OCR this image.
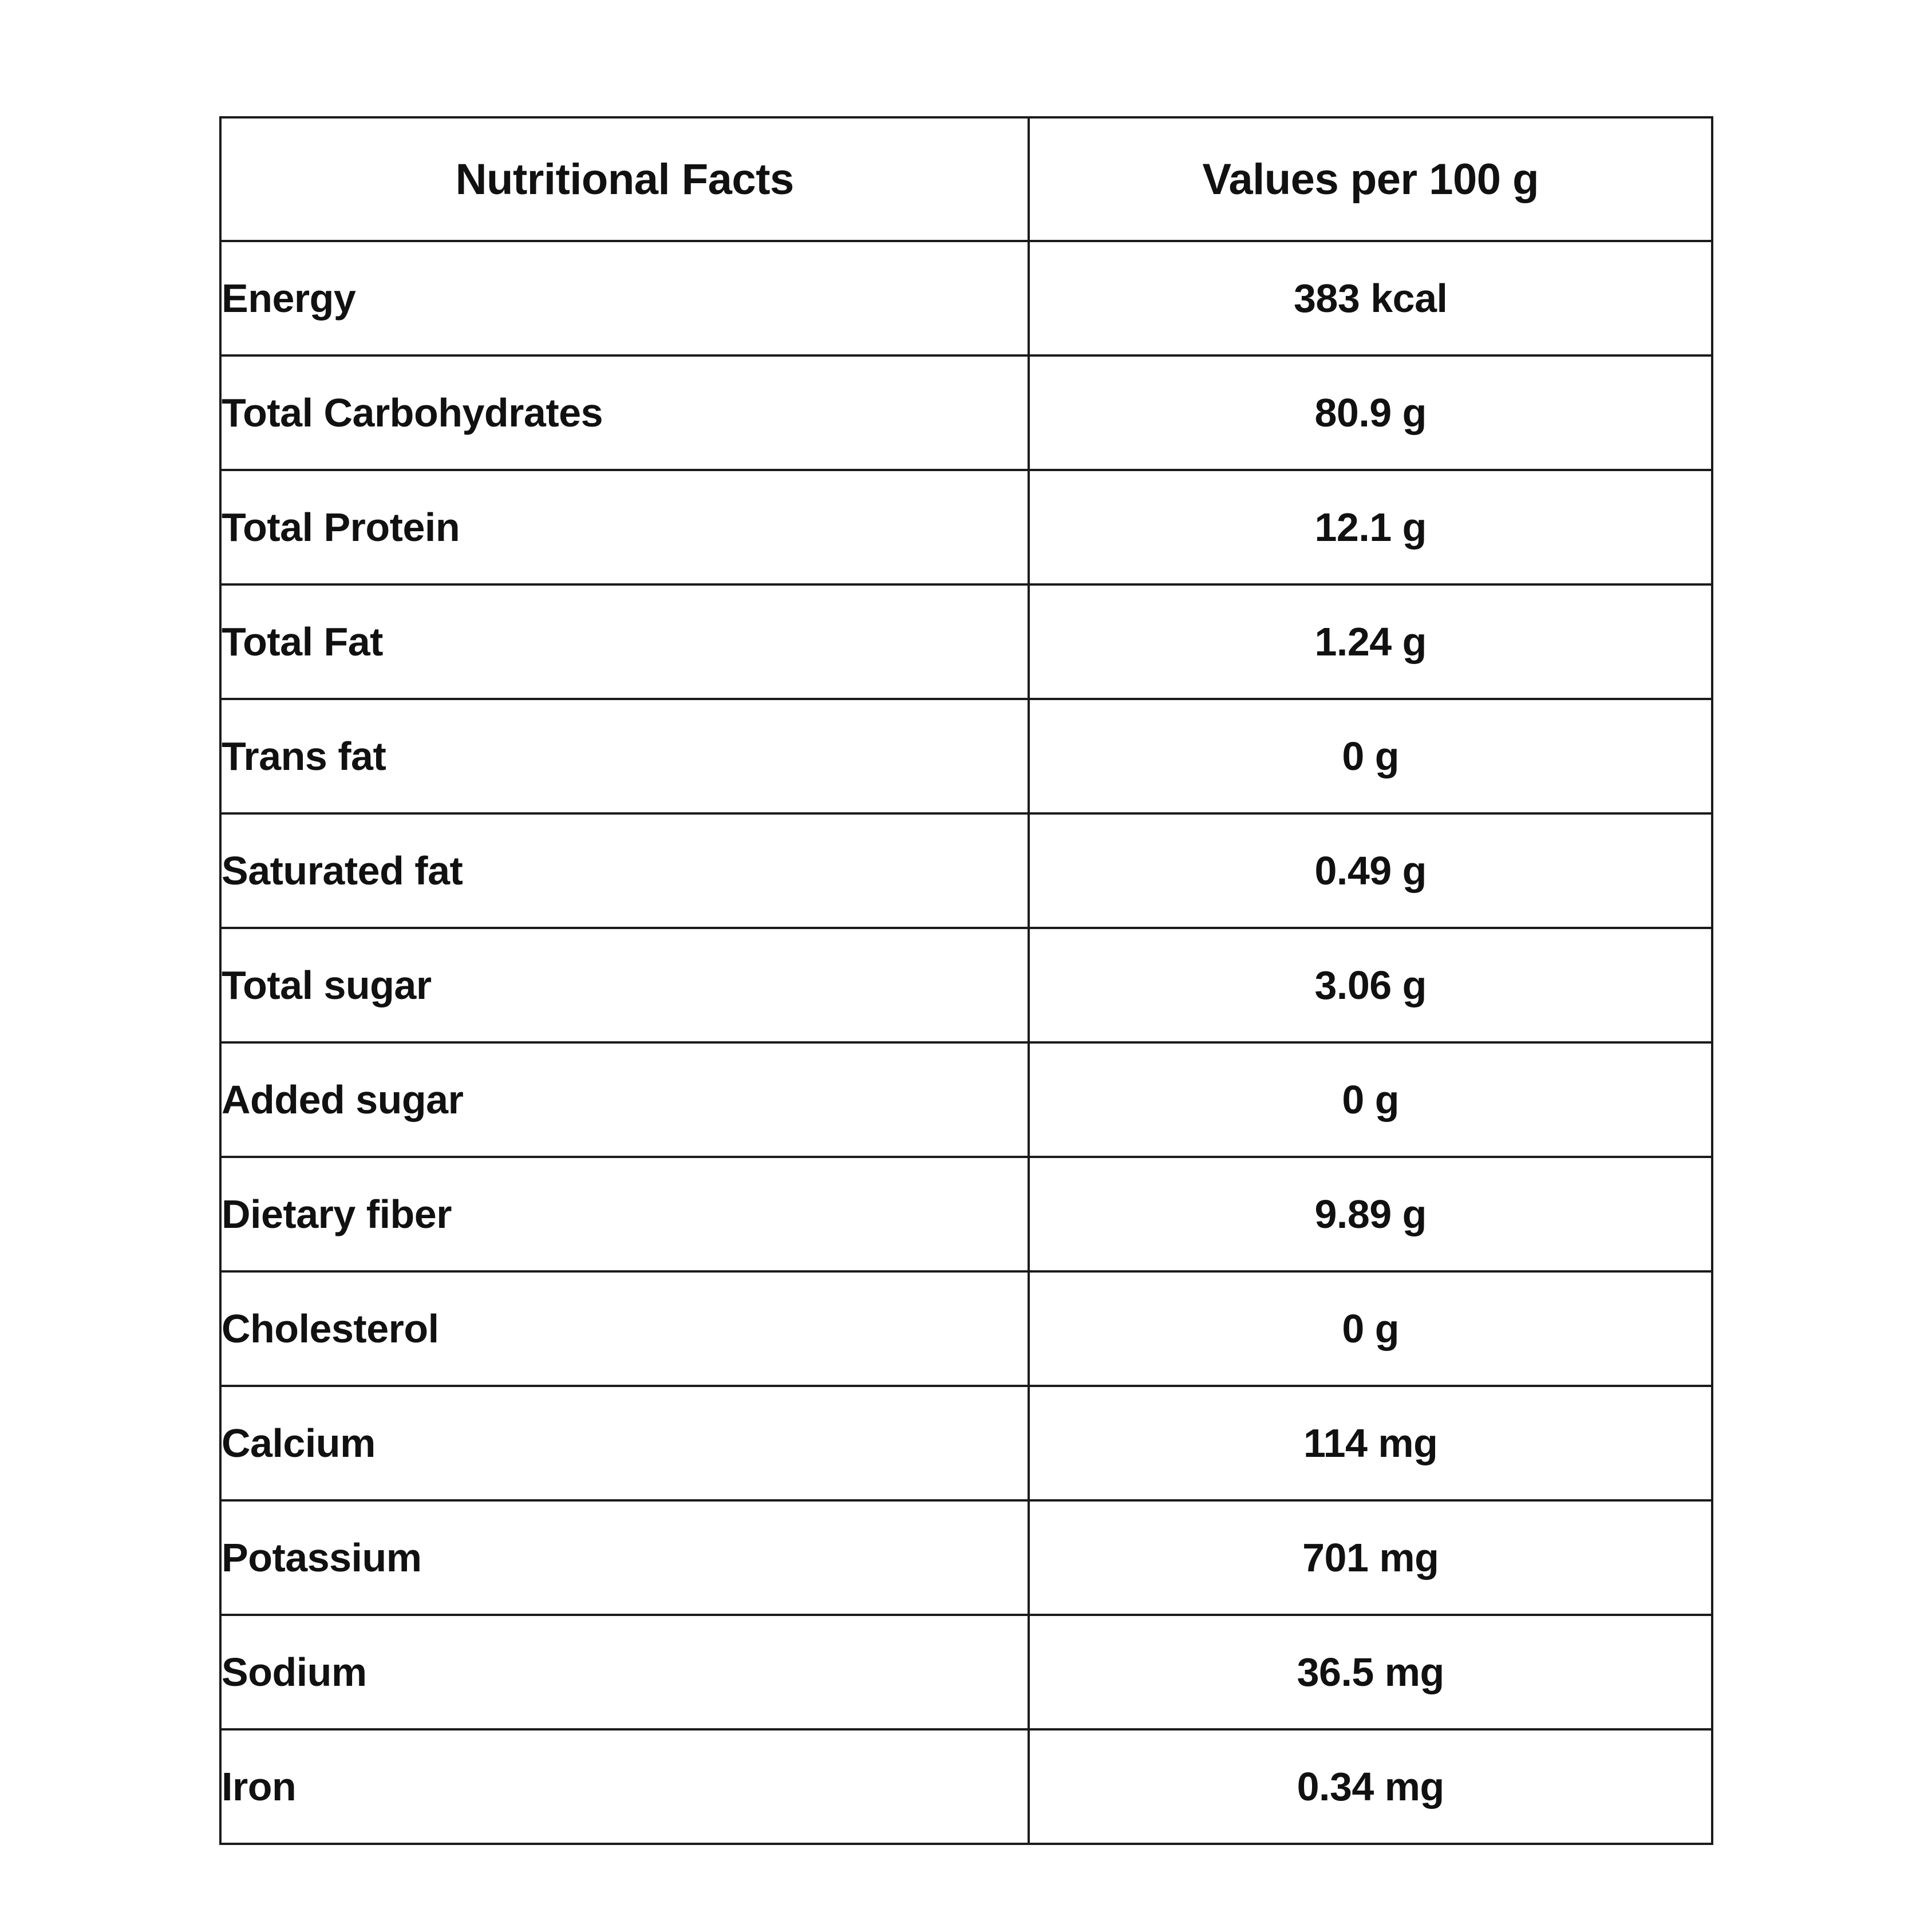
Nutritional Facts	Values per 100 g
Energy	383 kcal
Total Carbohydrates	80.9 g
Total Protein	12.1 g
Total Fat	1.24 g
Trans fat	0 g
Saturated fat	0.49 g
Total sugar	3.06 g
Added sugar	0 g
Dietary fiber	9.89 g
Cholesterol	0 g
Calcium	114 mg
Potassium	701 mg
Sodium	36.5 mg
Iron	0.34 mg
